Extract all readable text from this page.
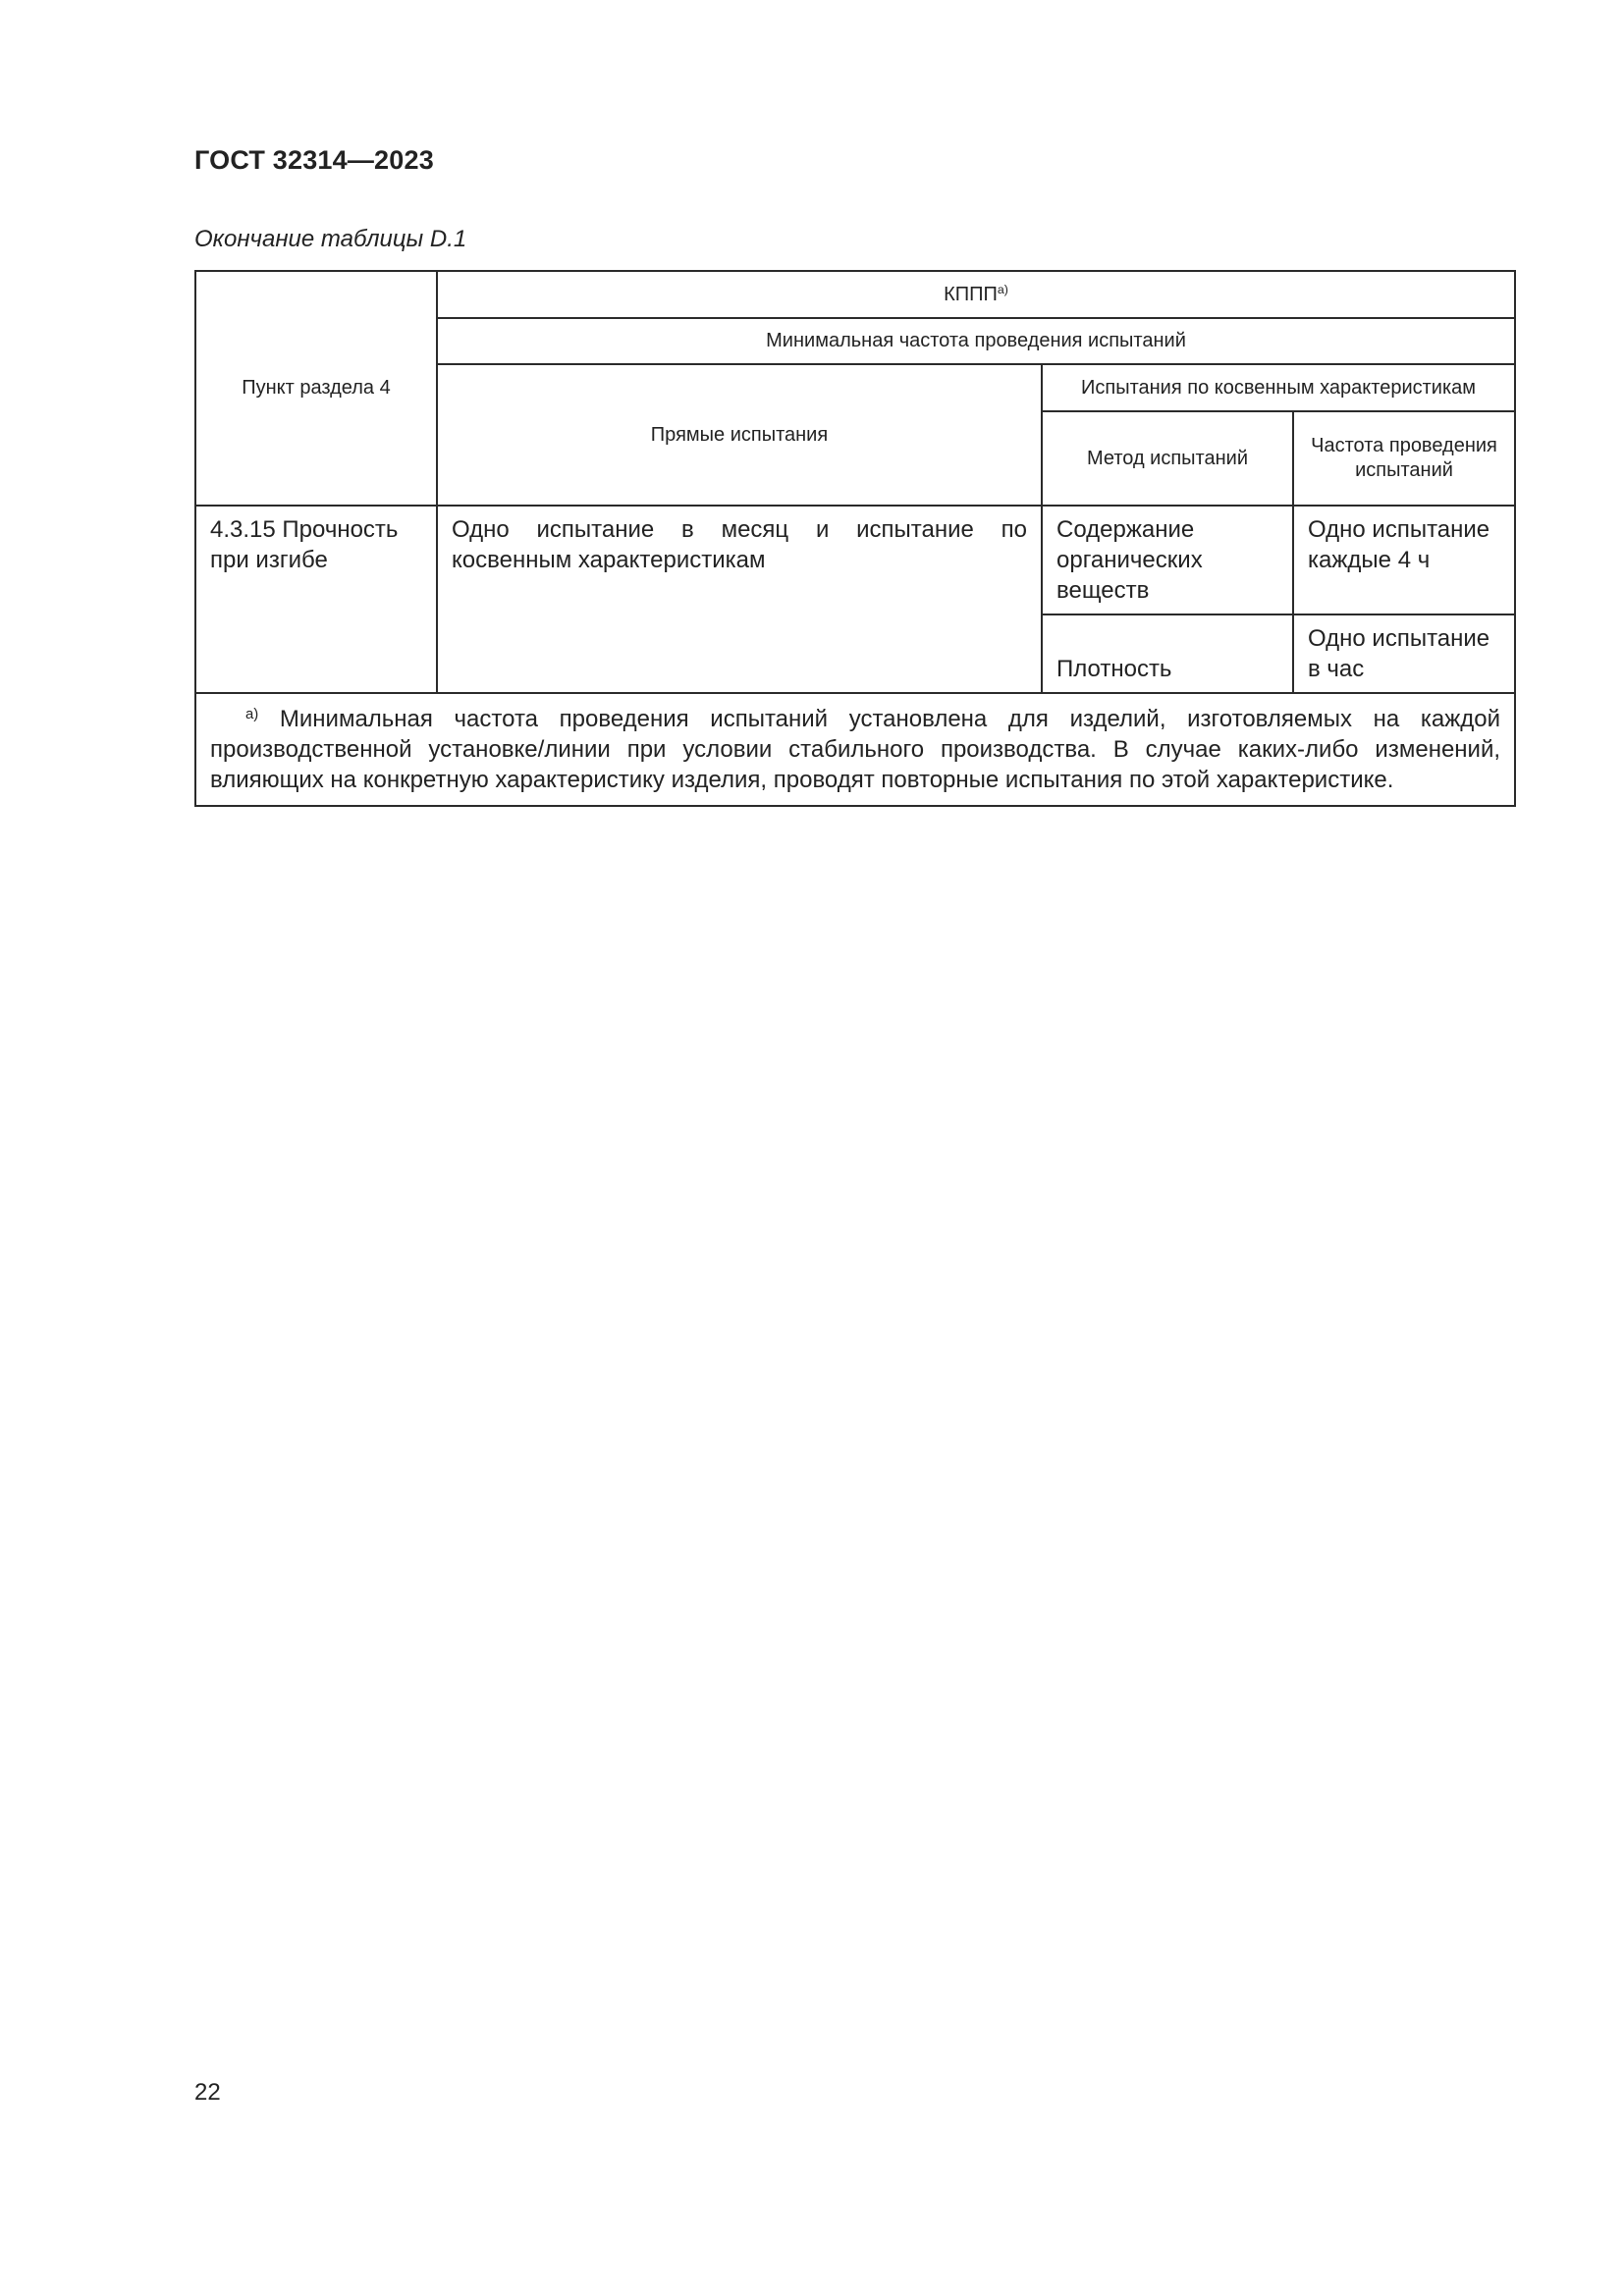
ГОСТ 32314—2023
Окончание таблицы D.1
Пункт раздела 4	$КППП^{а)}$
	Минимальная частота проведения испытаний		
	Прямые испытания	Испытания по косвенным характеристикам	
		Метод испытаний	Частота проведения испытаний
4.3.15 Прочность при изгибе	Одно испытание в месяц и испытание по косвенным характеристикам	Содержание органических веществ	Одно испытание каждые 4 ч
		Плотность	Одно испытание в час
$^{а)}$ Минимальная частота проведения испытаний установлена для изделий, изготовляемых на каждой производственной установке/линии при условии стабильного производства. В случае каких-либо изменений, влияющих на конкретную характеристику изделия, проводят повторные испытания по этой характеристике.			
22
